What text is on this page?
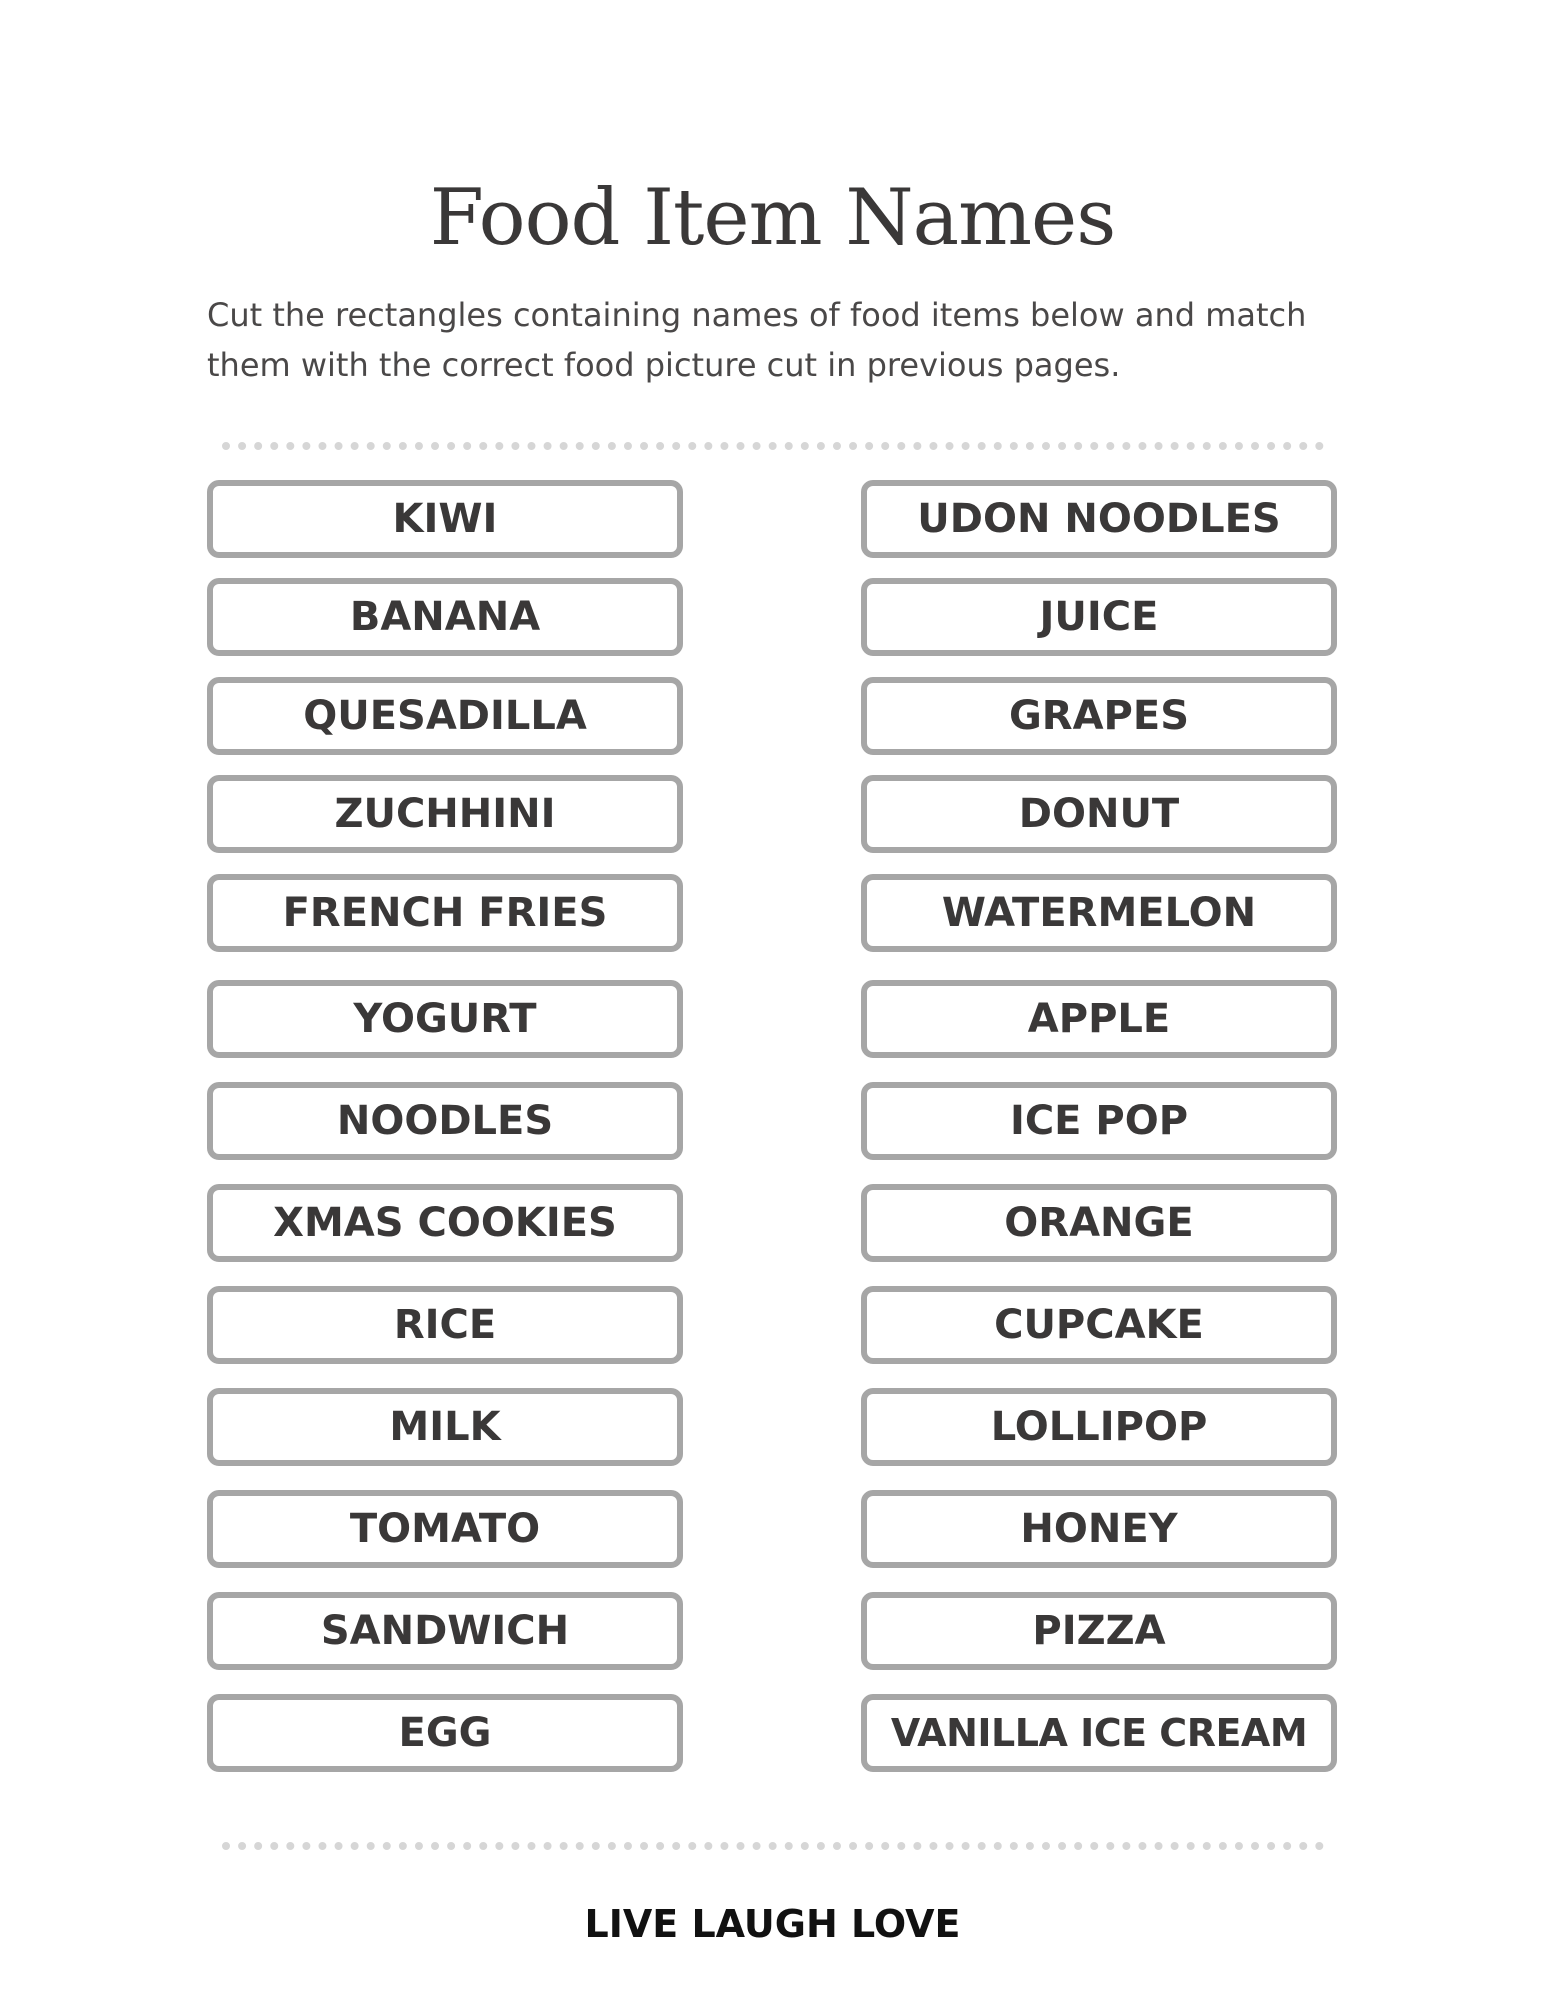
Food Item Names

Cut the rectangles containing names of food items below and match them with the correct food picture cut in previous pages.

KIWI
BANANA
QUESADILLA
ZUCHHINI
FRENCH FRIES
YOGURT
NOODLES
XMAS COOKIES
RICE
MILK
TOMATO
SANDWICH
EGG
UDON NOODLES
JUICE
GRAPES
DONUT
WATERMELON
APPLE
ICE POP
ORANGE
CUPCAKE
LOLLIPOP
HONEY
PIZZA
VANILLA ICE CREAM

LIVE LAUGH LOVE
